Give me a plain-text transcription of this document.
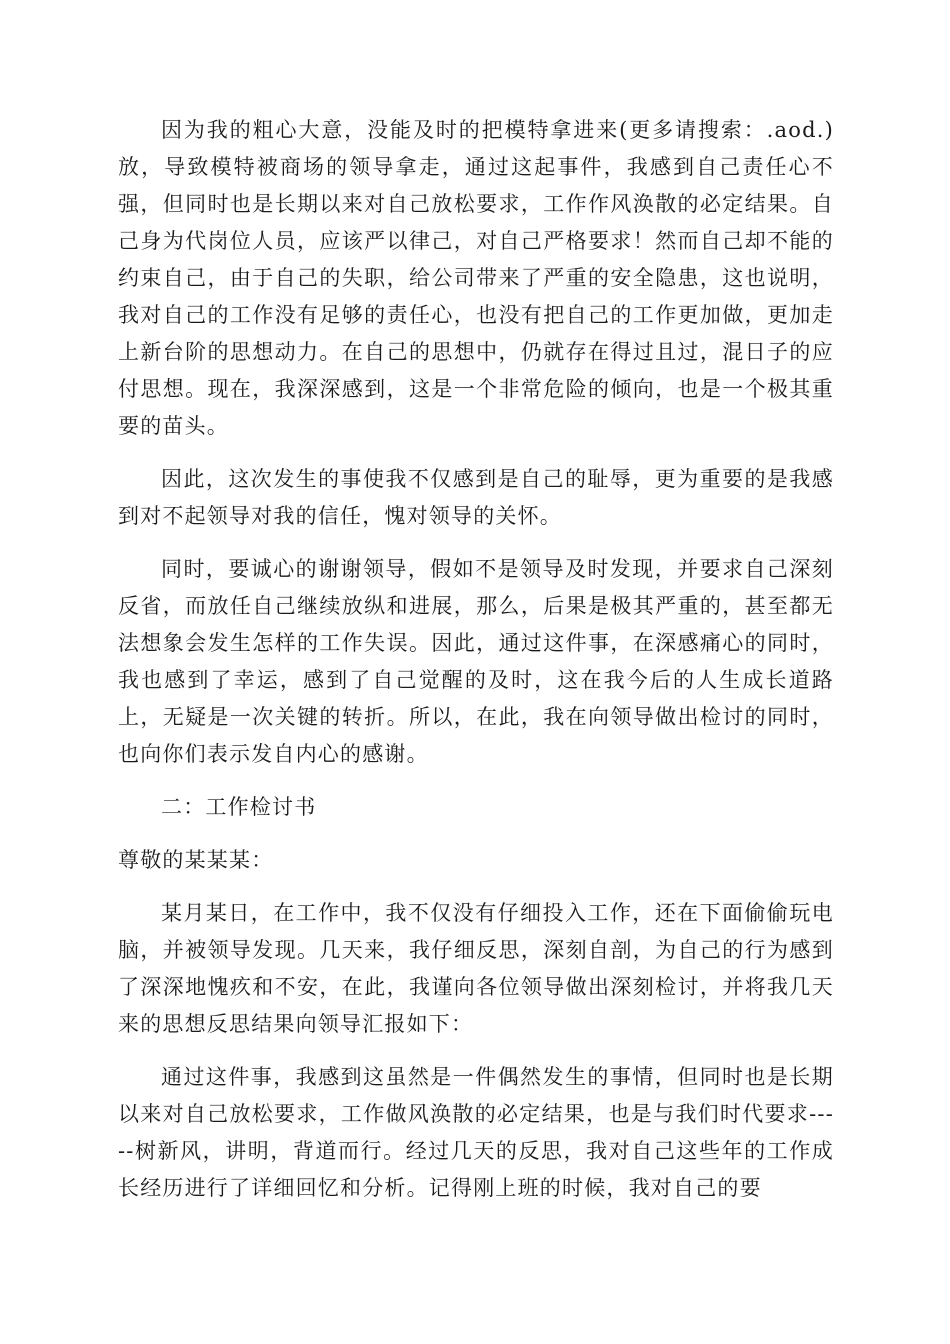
因为我的粗心大意，没能及时的把模特拿进来(更多请搜索：.aod.)放，导致模特被商场的领导拿走，通过这起事件，我感到自己责任心不强，但同时也是长期以来对自己放松要求，工作作风涣散的必定结果。自己身为代岗位人员，应该严以律己，对自己严格要求！然而自己却不能的约束自己，由于自己的失职，给公司带来了严重的安全隐患，这也说明，我对自己的工作没有足够的责任心，也没有把自己的工作更加做，更加走上新台阶的思想动力。在自己的思想中，仍就存在得过且过，混日子的应付思想。现在，我深深感到，这是一个非常危险的倾向，也是一个极其重要的苗头。

因此，这次发生的事使我不仅感到是自己的耻辱，更为重要的是我感到对不起领导对我的信任，愧对领导的关怀。

同时，要诚心的谢谢领导，假如不是领导及时发现，并要求自己深刻反省，而放任自己继续放纵和进展，那么，后果是极其严重的，甚至都无法想象会发生怎样的工作失误。因此，通过这件事，在深感痛心的同时，我也感到了幸运，感到了自己觉醒的及时，这在我今后的人生成长道路上，无疑是一次关键的转折。所以，在此，我在向领导做出检讨的同时，也向你们表示发自内心的感谢。

二：工作检讨书

尊敬的某某某：

某月某日，在工作中，我不仅没有仔细投入工作，还在下面偷偷玩电脑，并被领导发现。几天来，我仔细反思，深刻自剖，为自己的行为感到了深深地愧疚和不安，在此，我谨向各位领导做出深刻检讨，并将我几天来的思想反思结果向领导汇报如下：

通过这件事，我感到这虽然是一件偶然发生的事情，但同时也是长期以来对自己放松要求，工作做风涣散的必定结果，也是与我们时代要求-----树新风，讲明，背道而行。经过几天的反思，我对自己这些年的工作成长经历进行了详细回忆和分析。记得刚上班的时候，我对自己的要
